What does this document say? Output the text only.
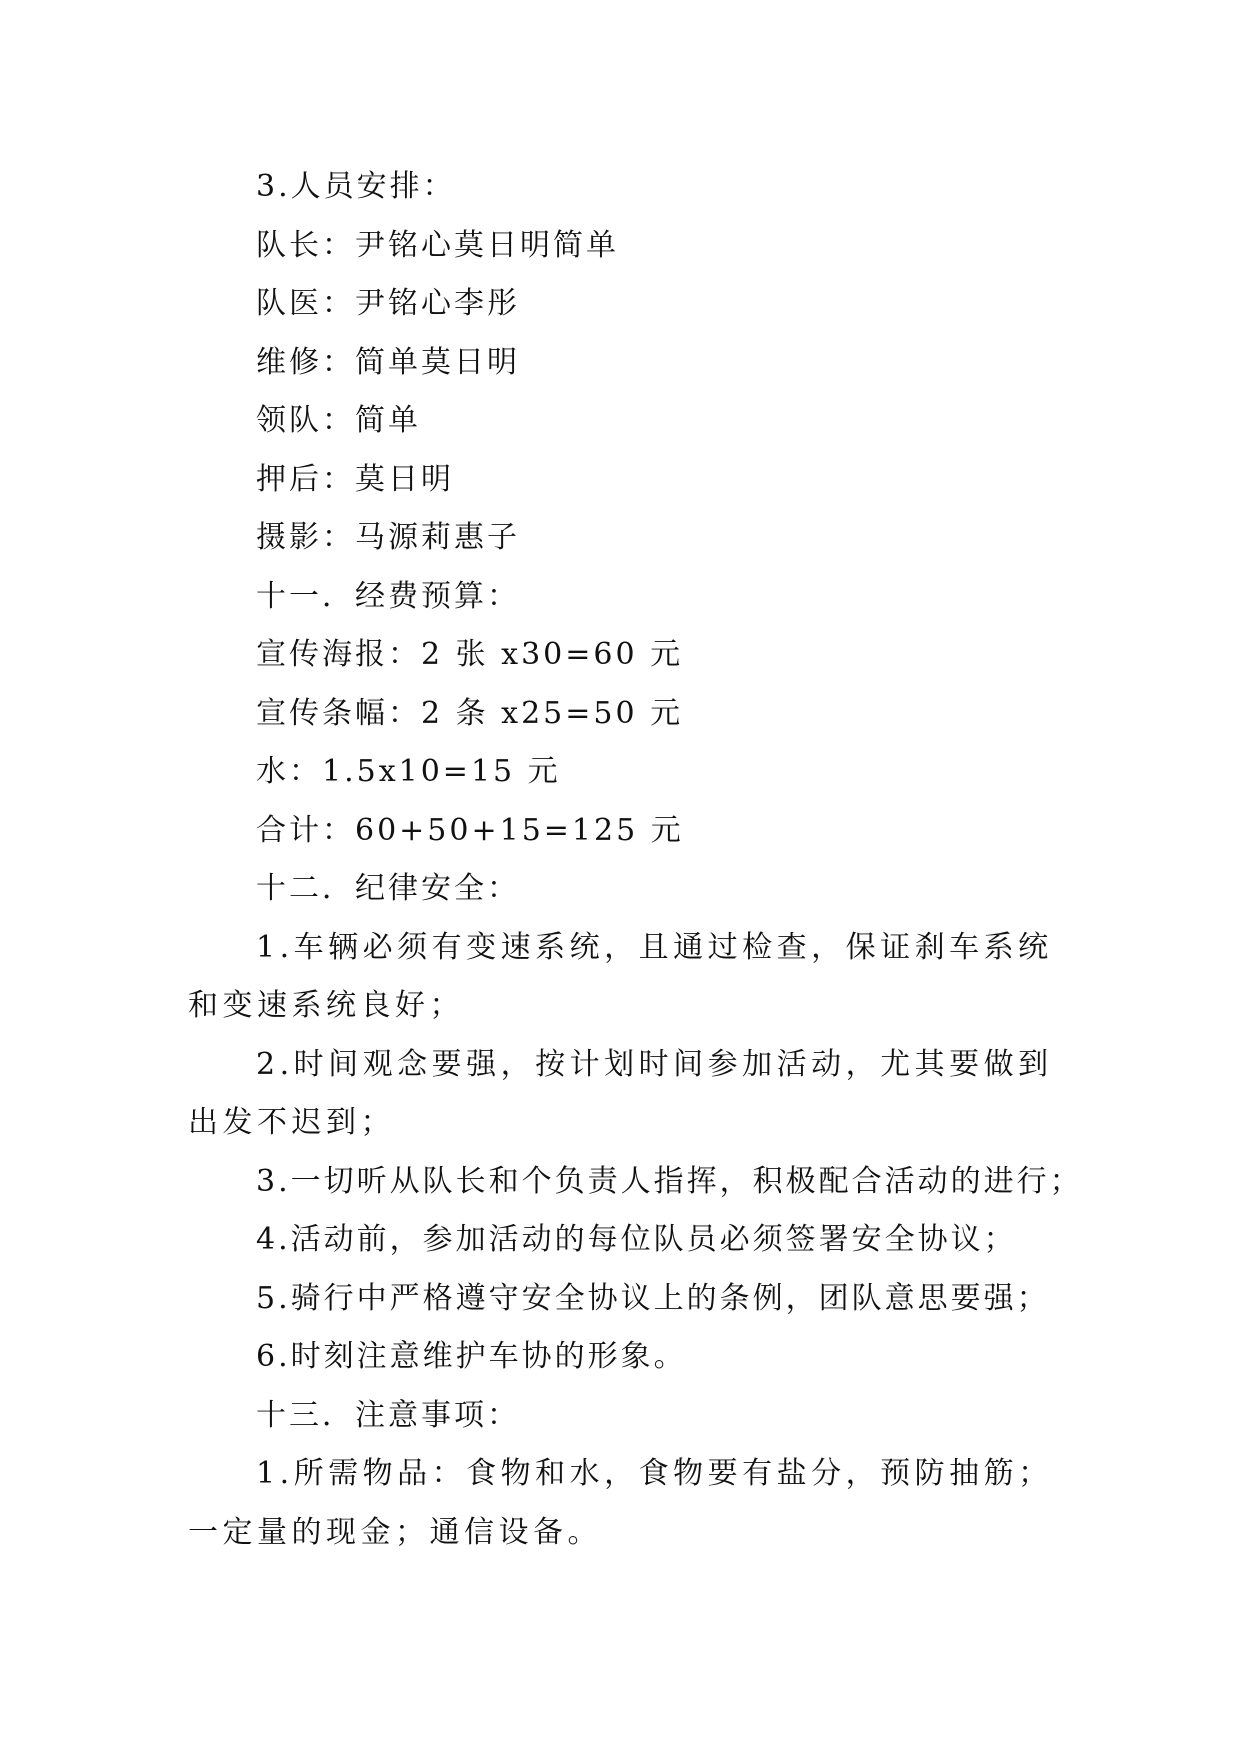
3.人员安排：
队长：尹铭心莫日明简单
队医：尹铭心李彤
维修：简单莫日明
领队：简单
押后：莫日明
摄影：马源莉惠子
十一．经费预算：
宣传海报：2 张 x30=60 元
宣传条幅：2 条 x25=50 元
水：1.5x10=15 元
合计：60+50+15=125 元
十二．纪律安全：
1.车辆必须有变速系统，且通过检查，保证刹车系统和变速系统良好；
2.时间观念要强，按计划时间参加活动，尤其要做到出发不迟到；
3.一切听从队长和个负责人指挥，积极配合活动的进行；
4.活动前，参加活动的每位队员必须签署安全协议；
5.骑行中严格遵守安全协议上的条例，团队意思要强；
6.时刻注意维护车协的形象。
十三．注意事项：
1.所需物品：食物和水，食物要有盐分，预防抽筋；一定量的现金；通信设备。
